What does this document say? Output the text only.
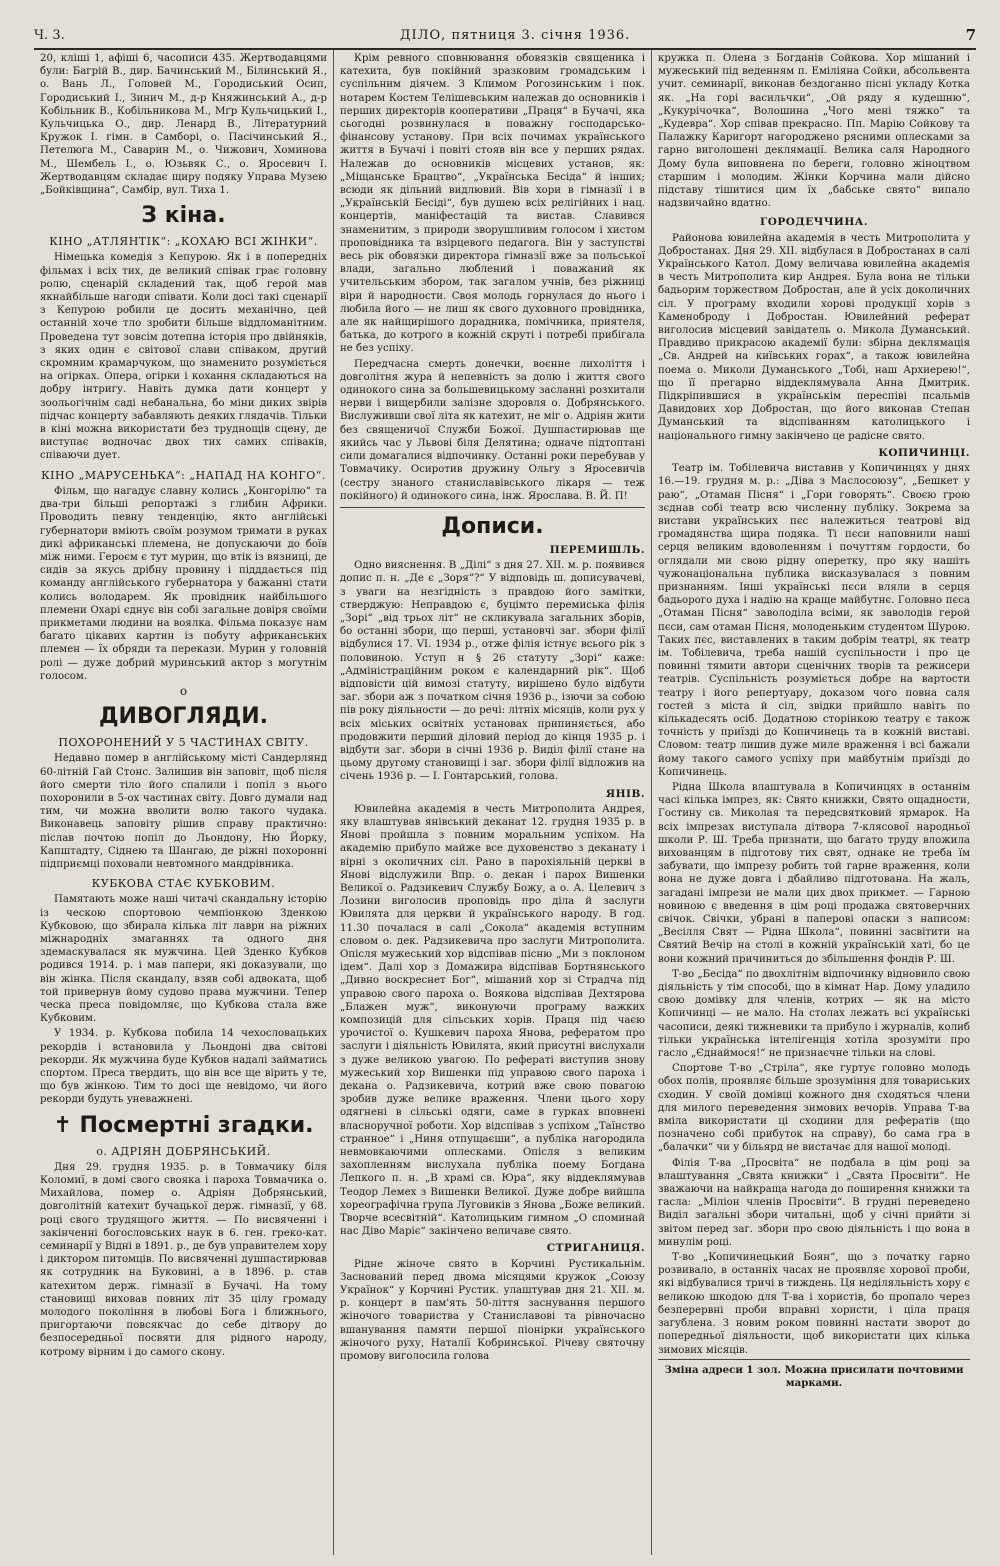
Ч. 3.	ДІЛО, пятниця 3. січня 1936.	7

20, кліші 1, афіші 6, часописи 435. Жертводавцями були: Багрій В., дир. Бачинський М., Білинський Я., о. Вань Л., Головей М., Городиський Осип, Городиський І., Зинич М., д-р Княжинський А., д-р Кобільник В., Кобільникова М., Мґр Кульчицький І., Кульчицька О., дир. Ленард В., Літературний Кружок І. гімн. в Самборі, о. Пасічинський Я., Петелюга М., Саварин М., о. Чижович, Хоминова М., Шембель І., о. Юзьвяк С., о. Яросевич І. Жертводавцям складає щиру подяку Управа Музею „Бойківщина“, Самбір, вул. Тиха 1.

З кіна.
КІНО „АТЛЯНТІК“: „КОХАЮ ВСІ ЖІНКИ“.

Німецька комедія з Кепурою. Як і в попередніх фільмах і всіх тих, де великий співак грає головну ролю, сценарій складений так, щоб герой мав якнайбільше нагоди співати. Коли досі такі сценарії з Кепурою робили це досить механічно, цей останній хоче тло зробити більше віддломанітним. Проведена тут зовсім дотепна історія про двійняків, з яких один є світової слави співаком, другий скромним крамарчуком, що знаменито розуміється на огірках. Опера, огірки і кохання складаються на добру інтригу. Навіть думка дати концерт у зоольогічнім саді небанальна, бо міни диких звірів підчас концерту забавляють деяких глядачів. Тільки в кіні можна використати без труднощів сцену, де виступає водночас двох тих самих співаків, співаючи дует.

КІНО „МАРУСЕНЬКА“: „НАПАД НА КОНГО“.

Фільм, що нагадує славну колись „Конгорілю“ та два-три більші репортажі з глибин Африки. Проводить певну тенденцію, якто англійські губернатори вміють своїм розумом тримати в руках дикі африканські племена, не допускаючи до боїв між ними. Героєм є тут мурин, що втік із вязниці, де сидів за якусь дрібну провину і підддається під команду англійського губернатора у бажанні стати колись володарем. Як провідник найбільшого племени Охарі єднує він собі загальне довіря своїми прикметами людини на воялка. Фільма показує нам багато цікавих картин із побуту африканських племен — їх обряди та перекази. Мурин у головній ролі — дуже добрий муринський актор з могутнім голосом.

o
ДИВОГЛЯДИ.
ПОХОРОНЕНИЙ У 5 ЧАСТИНАХ СВІТУ.

Недавно помер в англійському місті Сандерлянд 60-літній Гай Стонс. Залишив він заповіт, щоб після його смерти тіло його спалили і попіл з нього похоронили в 5-ох частинах світу. Довго думали над тим, чи можна вволити волю такого чудака. Виконавець заповіту рішив справу практично: післав почтою попіл до Льондону, Ню Йорку, Капштадту, Сіднею та Шангаю, де ріжні похоронні підприємці поховали невтомного мандрівника.

КУБКОВА СТАЄ КУБКОВИМ.

Памятають може наші читачі скандальну історію із ческою спортовою чемпіонкою Зденкою Кубковою, що збирала кілька літ лаври на ріжних міжнародніх змаганнях та одного дня здемаскувалася як мужчина. Цей Зденко Кубков родився 1914. р. і мав папери, які доказували, що він жінка. Після скандалу, взяв собі адвоката, щоб той привернув йому судово права мужчини. Тепер ческа преса повідомляє, що Кубкова стала вже Кубковим.

У 1934. р. Кубкова побила 14 чехословацьких рекордів і встановила у Льондоні два світові рекорди. Як мужчина буде Кубков надалі займатись спортом. Преса твердить, що він все ще вірить у те, що був жінкою. Тим то досі ще невідомо, чи його рекорди будуть уневажнені.

✝ Посмертні згадки.
о. АДРІЯН ДОБРЯНСЬКИЙ.

Дня 29. грудня 1935. р. в Товмачику біля Коломиї, в домі свого свояка і пароха Товмачика о. Михайлова, помер о. Адріян Добрянський, довголітній катехит бучацької держ. гімназії, у 68. році свого трудящого життя. — По висвяченні і закінченні богословських наук в 6. ген. греко-кат. семинарії у Відні в 1891. р., де був управителем хору і диктором питомців. По висвяченні душпастирював як сотрудник на Буковині, а в 1896. р. став катехитом держ. гімназії в Бучачі. На тому становищі виховав повних літ 35 цілу громаду молодого покоління в любові Бога і ближнього, пригортаючи повсякчас до себе дітвору до безпосередньої посвяти для рідного народу, котрому вірним і до самого скону.

Крім ревного сповнювання обовязків священика і катехита, був покійний зразковим громадським і суспільним діячем. З Климом Рогозинським і пок. нотарем Костем Телішевським належав до основників і перших директорів кооперативи „Праця“ в Бучачі, яка сьогодні розвинулася в поважну господарсько-фінансову установу. При всіх почимах українського життя в Бучачі і повіті стояв він все у перших рядах. Належав до основників місцевих установ, як: „Міщанське Брацтво“, „Українська Бесіда“ й інших; всюди як дільний видлювий. Вів хори в гімназії і в „Українській Бесіді“, був душею всіх релігійних і нац. концертів, маніфестацій та вистав. Славився знаменитим, з природи звоpушливим голосом і хистом проповідника та взірцевого педагога. Він у заступстві весь рік обовязки директора гімназії вже за польської влади, загально люблений і поважаний як учительським збором, так загалом учнів, без ріжниці віри й народности. Своя молодь горнулася до нього і любила його — не лиш як свого духовного провідника, але як найщирішого дорадника, помічника, приятеля, батька, до котрого в кожній скруті і потребі прибігала не без успіху.

Передчасна смерть донечки, воєнне лихоліття і довголітня жура й непевність за долю і життя свого одинокого сина за большевицькому засланні розхитали нерви і вищербили залізне здоровля о. Добрянського. Вислуживши свої літа як катехит, не міг о. Адріян жити без священичої Служби Божої. Душпастирював ще якийсь час у Львові біля Делятина; одначе підтоптані сили домагалися відпочинку. Останні роки перебував у Товмачику. Осиротив дружину Ольгу з Яросевичів (сестру знаного станиславівського лікаря — теж покійного) й одинокого сина, інж. Ярослава. В. Й. П!

Дописи.
ПЕРЕМИШЛЬ.

Одно вияснення. В „Ділі“ з дня 27. ХІІ. м. р. появився допис п. н. „Де є „Зоря“?“ У відповідь ш. дописувачеві, з уваги на незгідність з правдою його замітки, стверджую: Неправдою є, буцімто перемиська філія „Зорі“ „від трьох літ“ не скликувала загальних зборів, бо останні збори, що перші, установчі заг. збори філії відбулися 17. VI. 1934 р., отже філія істнує всього рік з половиною. Уступ н § 26 статуту „Зорі“ каже: „Адміністраційним роком є календарний рік“. Щоб відповісти цій вимозі статуту, вирішено було відбути заг. збори аж з початком січня 1936 р., ізючи за собою пів року діяльности — до речі: літніх місяців, коли рух у всіх міських освітніх установах припиняється, або продовжити перший діловий період до кінця 1935 р. і відбути заг. збори в січні 1936 р. Виділ філії стане на цьому другому становищі і заг. збори філії відложив на січень 1936 р. — І. Гонтарський, голова.

ЯНІВ.

Ювилейна академія в честь Митрополита Андрея, яку влаштував янівський деканат 12. грудня 1935 р. в Янові пройшла з повним моральним успіхом. На академію прибуло майже все духовенство з деканату і вірні з околичних сіл. Рано в парохіяльній церкві в Янові відслужили Впр. о. декан і парох Вишенки Великої о. Радзикевич Службу Божу, а о. А. Целевич з Лозини виголосив проповідь про діла й заслуги Ювилята для церкви й українського народу. В год. 11.30 почалася в салі „Сокола“ академія вступним словом о. дек. Радзикевича про заслуги Митрополита. Опісля мужеський хор відспівав пісню „Ми з поклоном ідем“. Далі хор з Домажира відспівав Бортнянського „Дивно воскреснет Бог“, мішаний хор зі Страдча під управою свого пароха о. Воякова відспівав Дехтярова „Блажен муж“, виконуючи програму важких композицій для сільських хорів. Праця під чаєю урочистої о. Кушкевич пароха Янова, рефератом про заслуги і діяльність Ювилята, який присутні вислухали з дуже великою увагою. По рефераті виступив знову мужеський хор Вишенки під управою свого пароха і декана о. Радзикевича, котрий вже свою повагою зробив дуже велике враження. Члени цього хору одягнені в сільські одяги, саме в гурках вповнені власноручної роботи. Хор відспівав з успіхом „Таїнство странное“ і „Ниня отпущаєши“, а публіка нагородила невмовкаючими оплесками. Опісля з великим захопленням вислухала публіка поему Богдана Лепкого п. н. „В храмі св. Юра“, яку віддеклямував Теодор Лемех з Вишенки Великої. Дуже добре вийшла хореографічна група Луговиків з Янова „Боже великий. Творче всесвітній“. Католицьким гимном „О споминай нас Діво Маріє“ закінчено величаве свято.

СТРИГАНИЦЯ.

Рідне жіноче свято в Корчині Рустикальнім. Заснований перед двома місяцями кружок „Союзу Українок“ у Корчині Рустик. улаштував дня 21. ХІІ. м. р. концерт в пам'ять 50-ліття заснування першого жіночого товариства у Станиславові та рівночасно вшанування памяти першої піонірки українського жіночого руху, Наталії Кобринської. Річеву святочну промову виголосила голова

кружка п. Олена з Богданів Сойкова. Хор мішаний і мужеський під веденням п. Еміліяна Сойки, абсольвента учит. семинарії, виконав бездоганно пісні укладу Котка як. „На горі васильчки“, „Ой ряду я кудешню“, „Кукурічочка“, Волошина „Чого мені тяжко“ та „Кудевра“. Хор співав прекрасно. Пп. Марію Сойкову та Палажку Каригорт нагороджено рясними оплесками за гарно виголошені деклямації. Велика саля Народного Дому була виповнена по береги, головно жіноцтвом старшим і молодим. Жінки Корчина мали дійсно підставу тішитися цим їх „бабське свято“ випало надзвичайно вдатно.

ГОРОДЕЧЧИНА.

Районова ювилейна академія в честь Митрополита у Доброcтанах. Дня 29. XII. відбулася в Доброcтанах в салі Українського Катол. Дому величава ювилейна академія в честь Митрополита кир Андрея. Була вона не тільки бадьорим торжеством Доброcтан, але й усіх доколичних сіл. У програму входили хорові продукції хорів з Каменоброду і Доброcтан. Ювилейний реферат виголосив місцевий завідатель о. Микола Думанський. Правдиво прикрасою академії були: збірна деклямація „Св. Андрей на київських горах“, а також ювилейна поема о. Миколи Думанського „Тобі, наш Архиерею!“, що її прегарно віддеклямувала Анна Дмитрик. Підкріпившися в українськім переспіві псальмів Давидових хор Доброcтан, що його виконав Степан Думанський та відспіванням католицького і національного гимну закінчено це радісне свято.

КОПИЧИНЦІ.

Театр ім. Тобілевича виставив у Копичинцях у днях 16.—19. грудня м. р.: „Діва з Маслосоюзу“, „Бешкет у раю“, „Отаман Пісня“ і „Гори говорять“. Своєю грою зєднав собі театр всю численну публіку. Зокрема за вистави українських пєс належиться театрові від громадянства щира подяка. Ті пєси наповнили наші серця великим вдоволенням і почуттям гордости, бо оглядали ми свою рідну оперетку, про яку нашіть чужонаціональна публика висказувалася з повним признанням. Інші українські пєси вляли в серця бадьорого духа і надію на краще майбутнє. Головно пєса „Отаман Пісня“ заволоділа всіми, як заволодів герой пєси, сам отаман Пісня, молоденьким студентом Шурою. Таких пєс, виставлених в таким добрім театрі, як театр ім. Тобілевича, треба нашій суспільности і про це повинні тямити автори сценічних творів та режисери театрів. Суспільність розуміється добре на вартости театру і його репертуару, доказом чого повна саля гостей з міста й сіл, звідки прийшло навіть по кількадесять осіб. Додатною сторінкою театру є також точність у приїзді до Копичинець та в кожній виставі. Словом: театр лишив дуже миле враження і всі бажали йому такого самого успіху при майбутнім приїзді до Копичинець.

Рідна Школа влаштувала в Копичинцях в останнім часі кілька імпрез, як: Свято книжки, Свято ощадности, Гостину св. Миколая та передсвятковий ярмарок. На всіх імпрезах виступала дітвора 7-клясової народньої школи Р. Ш. Треба признати, що багато труду вложила вихованцям в підготову тих свят, однаке не треба їм забувати, що імпрезу робить той гарне враження, коли вона не дуже довга і дбайливо підготована. На жаль, загадані імпрези не мали цих двох прикмет. — Гарною новиною є введення в цім році продажа святоверчних свічок. Свічки, убрані в паперові опаски з написом: „Весілля Свят — Рідна Школа“, повинні засвітити на Святий Вечір на столі в кожній українській хаті, бо це вони кожний причиниться до збільшення фондів Р. Ш.

Т-во „Бесіда“ по двохлітнім відпочинку відновило свою діяльність у тім способі, що в кімнат Нар. Дому уладило свою домівку для членів, котрих — як на місто Копичинці — не мало. На столах лежать всі українські часописи, деякі тижневики та прибуло і журналів, колиб тільки українська інтелігенція хотіла зрозуміти про гасло „Єднаймося!“ не признаєчне тільки на слові.

Спортове Т-во „Стріла“, яке гуртує головно молодь обох полів, проявляє більше зрозуміння для товариських сходин. У своїй домівці кожного дня сходяться члени для милого переведення зимових вечорів. Управа Т-ва вміла використати ці сходини для рефератів (що позначено собі прибуток на справу), бо сама гра в „балачки“ чи у більярд не вистачає для нашої молоді.

Філія Т-ва „Просвіта“ не подбала в цім році за влаштування „Свята книжки“ і „Свята Просвіти“. Не зважаючи на найкраща нагода до поширення книжки та гасла: „Міліон членів Просвіти“. В грудні переведено Виділ загальні збори читальні, щоб у січні прийти зі звітом перед заг. збори про свою діяльність і що вона в минулім році.

Т-во „Копичинецький Боян“, що з початку гарно розвивало, в останніх часах не проявляє хорової проби, які відбувалися тричі в тиждень. Ця неділяльність хору є великою шкодою для Т-ва і хористів, бо пропало через безперервні проби вправні хористи, і ціла праця загублена. З новим роком повинні настати зворот до попередньої діяльности, щоб використати цих кілька зимових місяців.

Зміна адреси 1 зол. Можна присилати почтовими марками.
